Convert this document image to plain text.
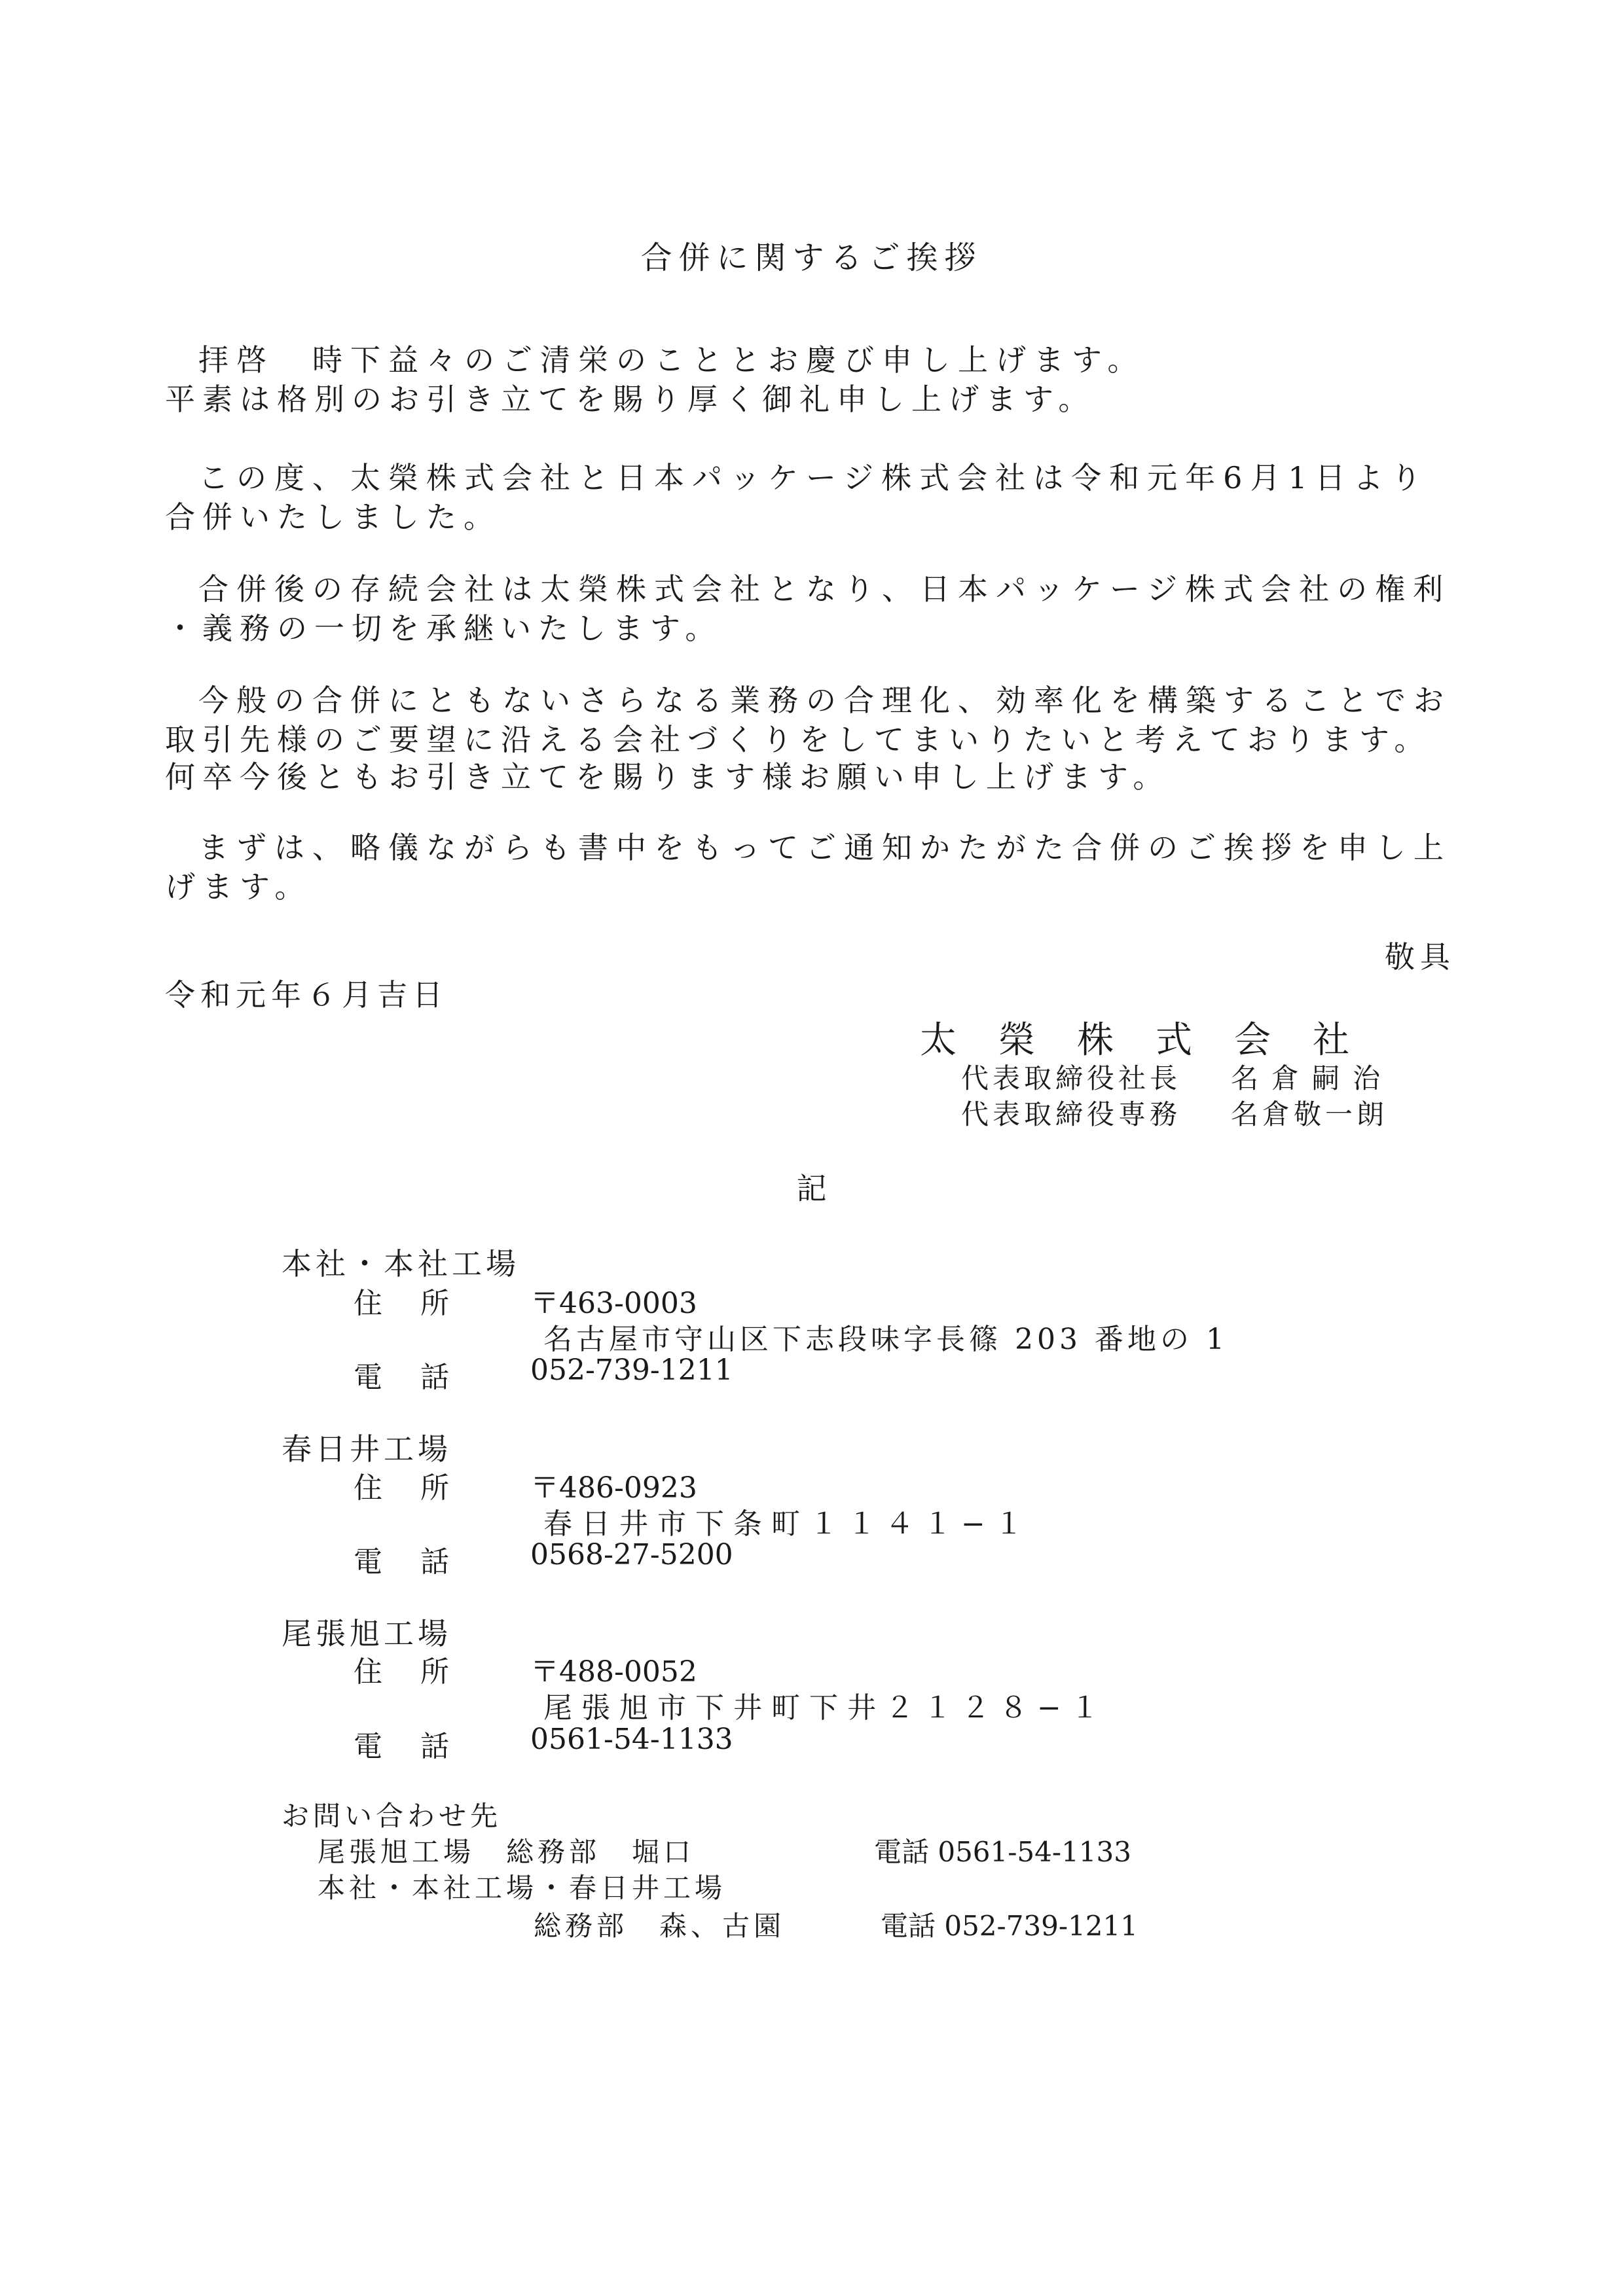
合併に関するご挨拶
拝啓　時下益々のご清栄のこととお慶び申し上げます。
平素は格別のお引き立てを賜り厚く御礼申し上げます。
この度、太榮株式会社と日本パッケージ株式会社は令和元年6月1日より
合併いたしました。
合併後の存続会社は太榮株式会社となり、日本パッケージ株式会社の権利
・義務の一切を承継いたします。
今般の合併にともないさらなる業務の合理化、効率化を構築することでお
取引先様のご要望に沿える会社づくりをしてまいりたいと考えております。
何卒今後ともお引き立てを賜ります様お願い申し上げます。
まずは、略儀ながらも書中をもってご通知かたがた合併のご挨拶を申し上
げます。
敬具
令和元年６月吉日
太榮株式会社
代表取締役社長 名倉嗣治
代表取締役専務 名倉敬一朗
記
本社・本社工場
住所 〒463-0003
名古屋市守山区下志段味字長篠 203 番地の 1
電話 052-739-1211
春日井工場
住所 〒486-0923
春日井市下条町１１４１−１
電話 0568-27-5200
尾張旭工場
住所 〒488-0052
尾張旭市下井町下井２１２８−１
電話 0561-54-1133
お問い合わせ先
尾張旭工場　総務部　堀口	電話 0561-54-1133
本社・本社工場・春日井工場
総務部　森、古園	電話 052-739-1211
